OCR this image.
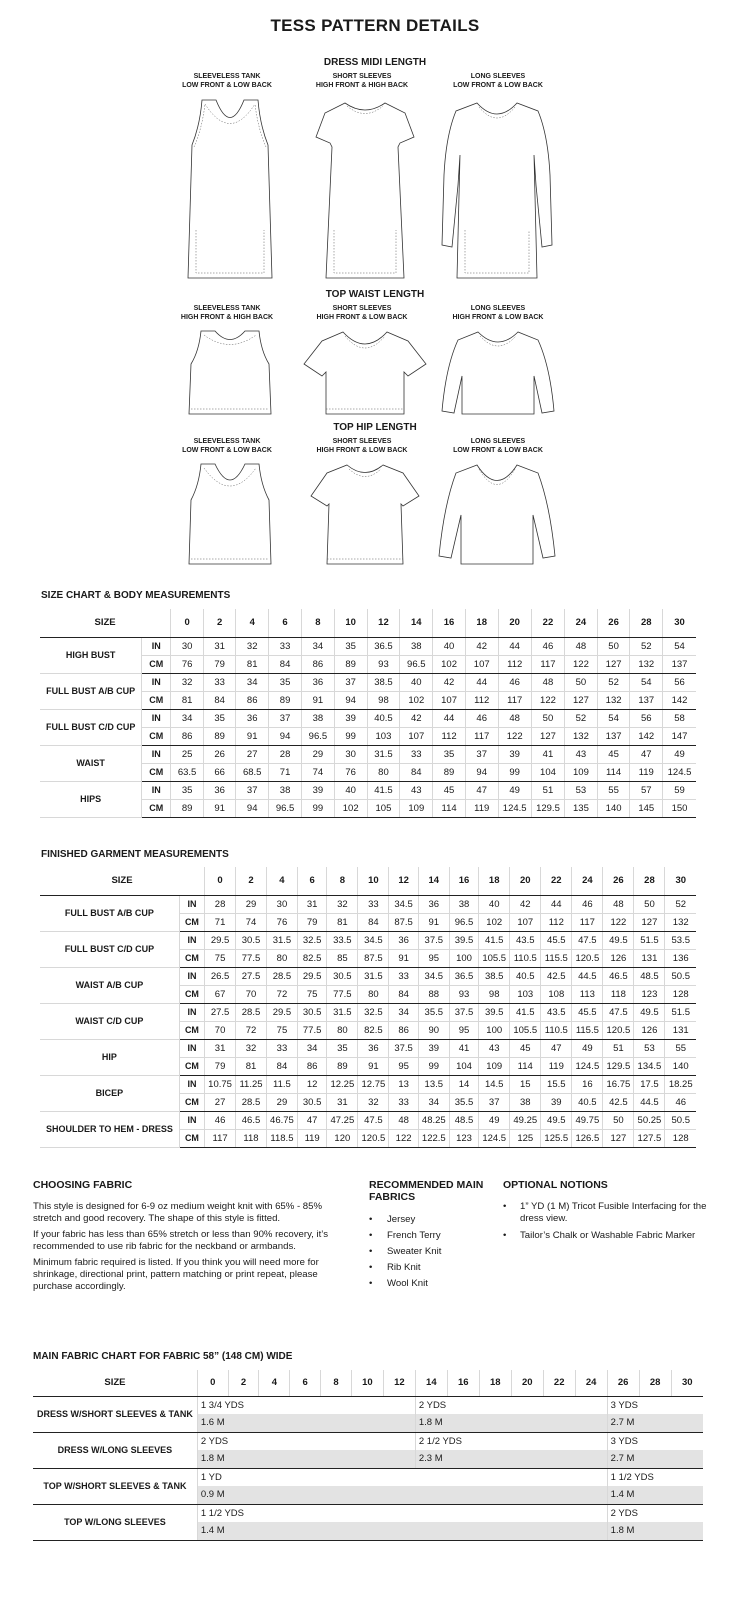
TESS PATTERN DETAILS
DRESS MIDI LENGTH
SLEEVELESS TANK
LOW FRONT & LOW BACK
SHORT SLEEVES
HIGH FRONT & HIGH BACK
LONG SLEEVES
LOW FRONT & LOW BACK
TOP WAIST LENGTH
SLEEVELESS TANK
HIGH FRONT & HIGH BACK
SHORT SLEEVES
HIGH FRONT & LOW BACK
LONG SLEEVES
HIGH FRONT & LOW BACK
TOP HIP LENGTH
SLEEVELESS TANK
LOW FRONT & LOW BACK
SHORT SLEEVES
HIGH FRONT & LOW BACK
LONG SLEEVES
LOW FRONT & LOW BACK
SIZE CHART & BODY MEASUREMENTS
SIZE		0	2	4	6	8	10	12	14	16	18	20	22	24	26	28	30
HIGH BUST	IN	30	31	32	33	34	35	36.5	38	40	42	44	46	48	50	52	54
	CM	76	79	81	84	86	89	93	96.5	102	107	112	117	122	127	132	137
FULL BUST A/B CUP	IN	32	33	34	35	36	37	38.5	40	42	44	46	48	50	52	54	56
	CM	81	84	86	89	91	94	98	102	107	112	117	122	127	132	137	142
FULL BUST C/D CUP	IN	34	35	36	37	38	39	40.5	42	44	46	48	50	52	54	56	58
	CM	86	89	91	94	96.5	99	103	107	112	117	122	127	132	137	142	147
WAIST	IN	25	26	27	28	29	30	31.5	33	35	37	39	41	43	45	47	49
	CM	63.5	66	68.5	71	74	76	80	84	89	94	99	104	109	114	119	124.5
HIPS	IN	35	36	37	38	39	40	41.5	43	45	47	49	51	53	55	57	59
	CM	89	91	94	96.5	99	102	105	109	114	119	124.5	129.5	135	140	145	150
FINISHED GARMENT MEASUREMENTS
SIZE		0	2	4	6	8	10	12	14	16	18	20	22	24	26	28	30
FULL BUST A/B CUP	IN	28	29	30	31	32	33	34.5	36	38	40	42	44	46	48	50	52
	CM	71	74	76	79	81	84	87.5	91	96.5	102	107	112	117	122	127	132
FULL BUST C/D CUP	IN	29.5	30.5	31.5	32.5	33.5	34.5	36	37.5	39.5	41.5	43.5	45.5	47.5	49.5	51.5	53.5
	CM	75	77.5	80	82.5	85	87.5	91	95	100	105.5	110.5	115.5	120.5	126	131	136
WAIST A/B CUP	IN	26.5	27.5	28.5	29.5	30.5	31.5	33	34.5	36.5	38.5	40.5	42.5	44.5	46.5	48.5	50.5
	CM	67	70	72	75	77.5	80	84	88	93	98	103	108	113	118	123	128
WAIST C/D CUP	IN	27.5	28.5	29.5	30.5	31.5	32.5	34	35.5	37.5	39.5	41.5	43.5	45.5	47.5	49.5	51.5
	CM	70	72	75	77.5	80	82.5	86	90	95	100	105.5	110.5	115.5	120.5	126	131
HIP	IN	31	32	33	34	35	36	37.5	39	41	43	45	47	49	51	53	55
	CM	79	81	84	86	89	91	95	99	104	109	114	119	124.5	129.5	134.5	140
BICEP	IN	10.75	11.25	11.5	12	12.25	12.75	13	13.5	14	14.5	15	15.5	16	16.75	17.5	18.25
	CM	27	28.5	29	30.5	31	32	33	34	35.5	37	38	39	40.5	42.5	44.5	46
SHOULDER TO HEM - DRESS	IN	46	46.5	46.75	47	47.25	47.5	48	48.25	48.5	49	49.25	49.5	49.75	50	50.25	50.5
	CM	117	118	118.5	119	120	120.5	122	122.5	123	124.5	125	125.5	126.5	127	127.5	128
CHOOSING FABRIC

This style is designed for 6-9 oz medium weight knit with 65% - 85% stretch and good recovery. The shape of this style is fitted.

If your fabric has less than 65% stretch or less than 90% recovery, it’s recommended to use rib fabric for the neckband or armbands.

Minimum fabric required is listed. If you think you will need more for shrinkage, directional print, pattern matching or print repeat, please purchase accordingly.

RECOMMENDED MAIN FABRICS
• Jersey
• French Terry
• Sweater Knit
• Rib Knit
• Wool Knit
OPTIONAL NOTIONS
• 1” YD (1 M) Tricot Fusible Interfacing for the dress view.
• Tailor’s Chalk or Washable Fabric Marker
MAIN FABRIC CHART FOR FABRIC 58” (148 CM) WIDE
SIZE	0	2	4	6	8	10	12	14	16	18	20	22	24	26	28	30
DRESS W/SHORT SLEEVES & TANK	1 3/4 YDS							2 YDS						3 YDS		
	1.6 M							1.8 M						2.7 M		
DRESS W/LONG SLEEVES	2 YDS							2 1/2 YDS						3 YDS		
	1.8 M							2.3 M						2.7 M		
TOP W/SHORT SLEEVES & TANK	1 YD													1 1/2 YDS		
	0.9 M													1.4 M		
TOP W/LONG SLEEVES	1 1/2 YDS													2 YDS		
	1.4 M													1.8 M		
